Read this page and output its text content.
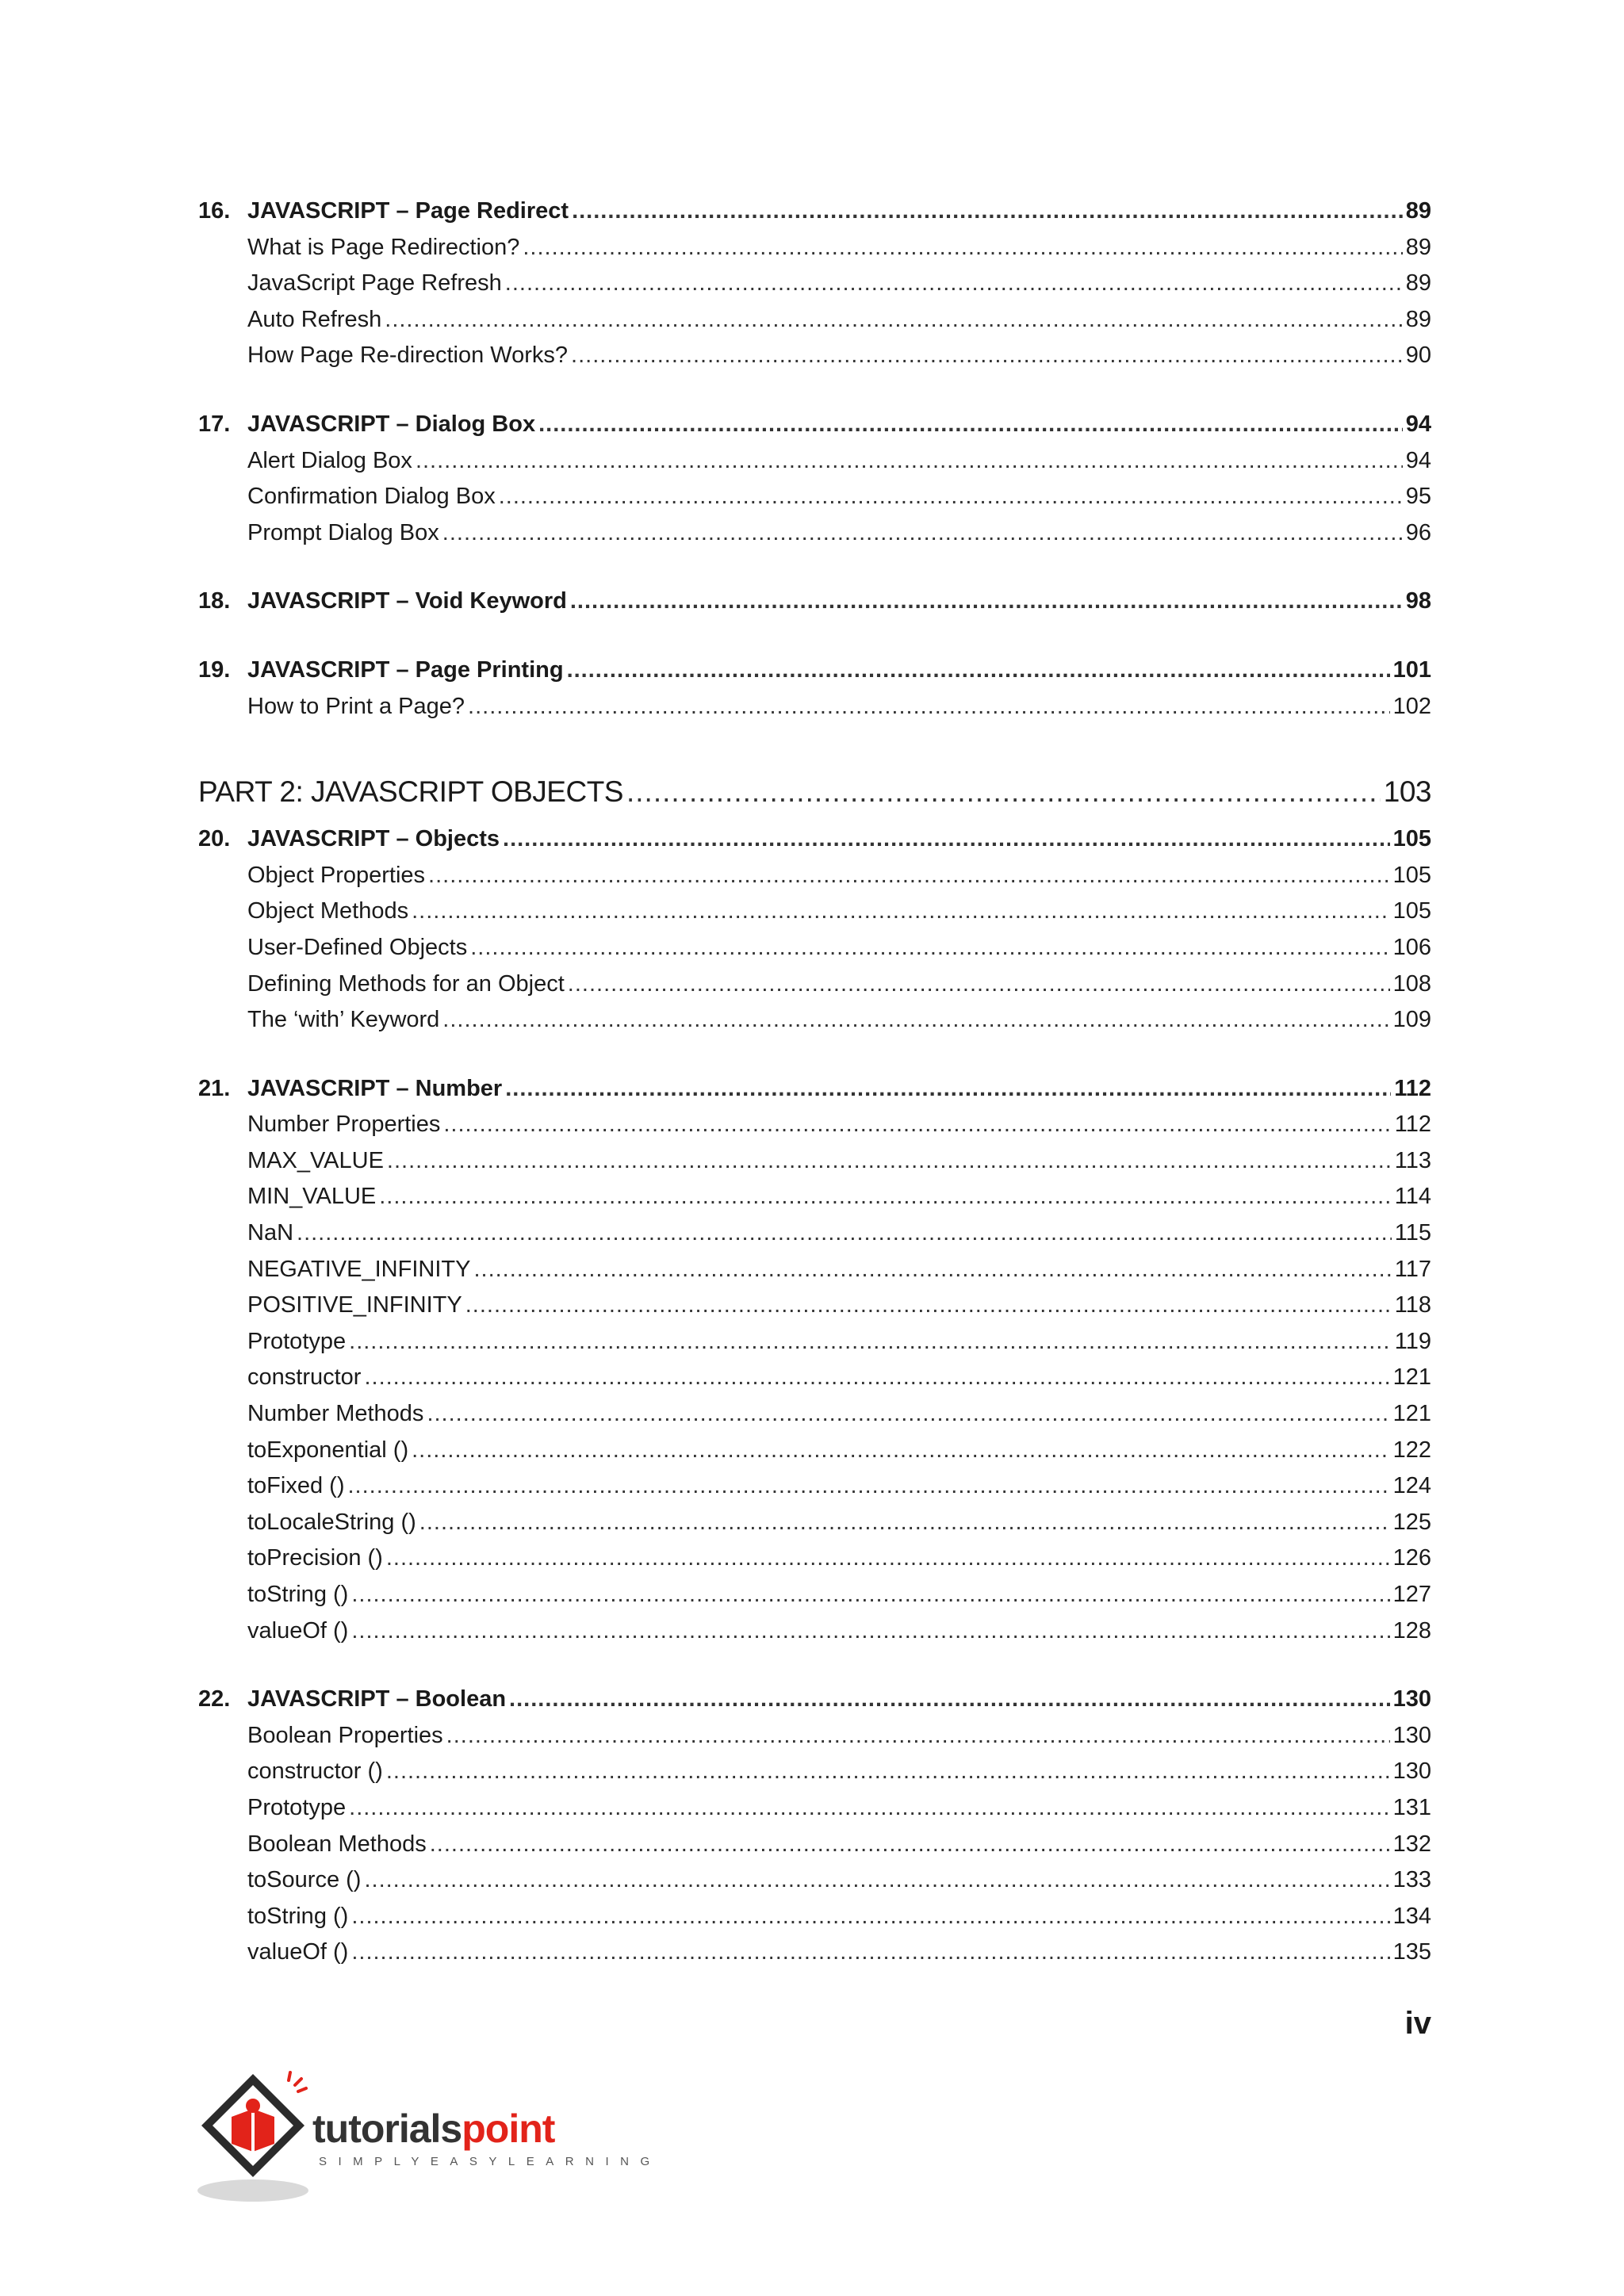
16. JAVASCRIPT – Page Redirect .....	89
What is Page Redirection? .....	89
JavaScript Page Refresh .....	89
Auto Refresh .....	89
How Page Re-direction Works? .....	90
17. JAVASCRIPT – Dialog Box .....	94
Alert Dialog Box .....	94
Confirmation Dialog Box .....	95
Prompt Dialog Box .....	96
18. JAVASCRIPT – Void Keyword .....	98
19. JAVASCRIPT – Page Printing .....	101
How to Print a Page? .....	102
PART 2: JAVASCRIPT OBJECTS .....	103
20. JAVASCRIPT – Objects .....	105
Object Properties .....	105
Object Methods .....	105
User-Defined Objects .....	106
Defining Methods for an Object .....	108
The ‘with’ Keyword .....	109
21. JAVASCRIPT – Number .....	112
Number Properties .....	112
MAX_VALUE .....	113
MIN_VALUE .....	114
NaN .....	115
NEGATIVE_INFINITY .....	117
POSITIVE_INFINITY .....	118
Prototype .....	119
constructor .....	121
Number Methods .....	121
toExponential () .....	122
toFixed () .....	124
toLocaleString () .....	125
toPrecision () .....	126
toString () .....	127
valueOf () .....	128
22. JAVASCRIPT – Boolean .....	130
Boolean Properties .....	130
constructor () .....	130
Prototype .....	131
Boolean Methods .....	132
toSource () .....	133
toString () .....	134
valueOf () .....	135
iv
tutorialspoint
SIMPLYEASYLEARNING
